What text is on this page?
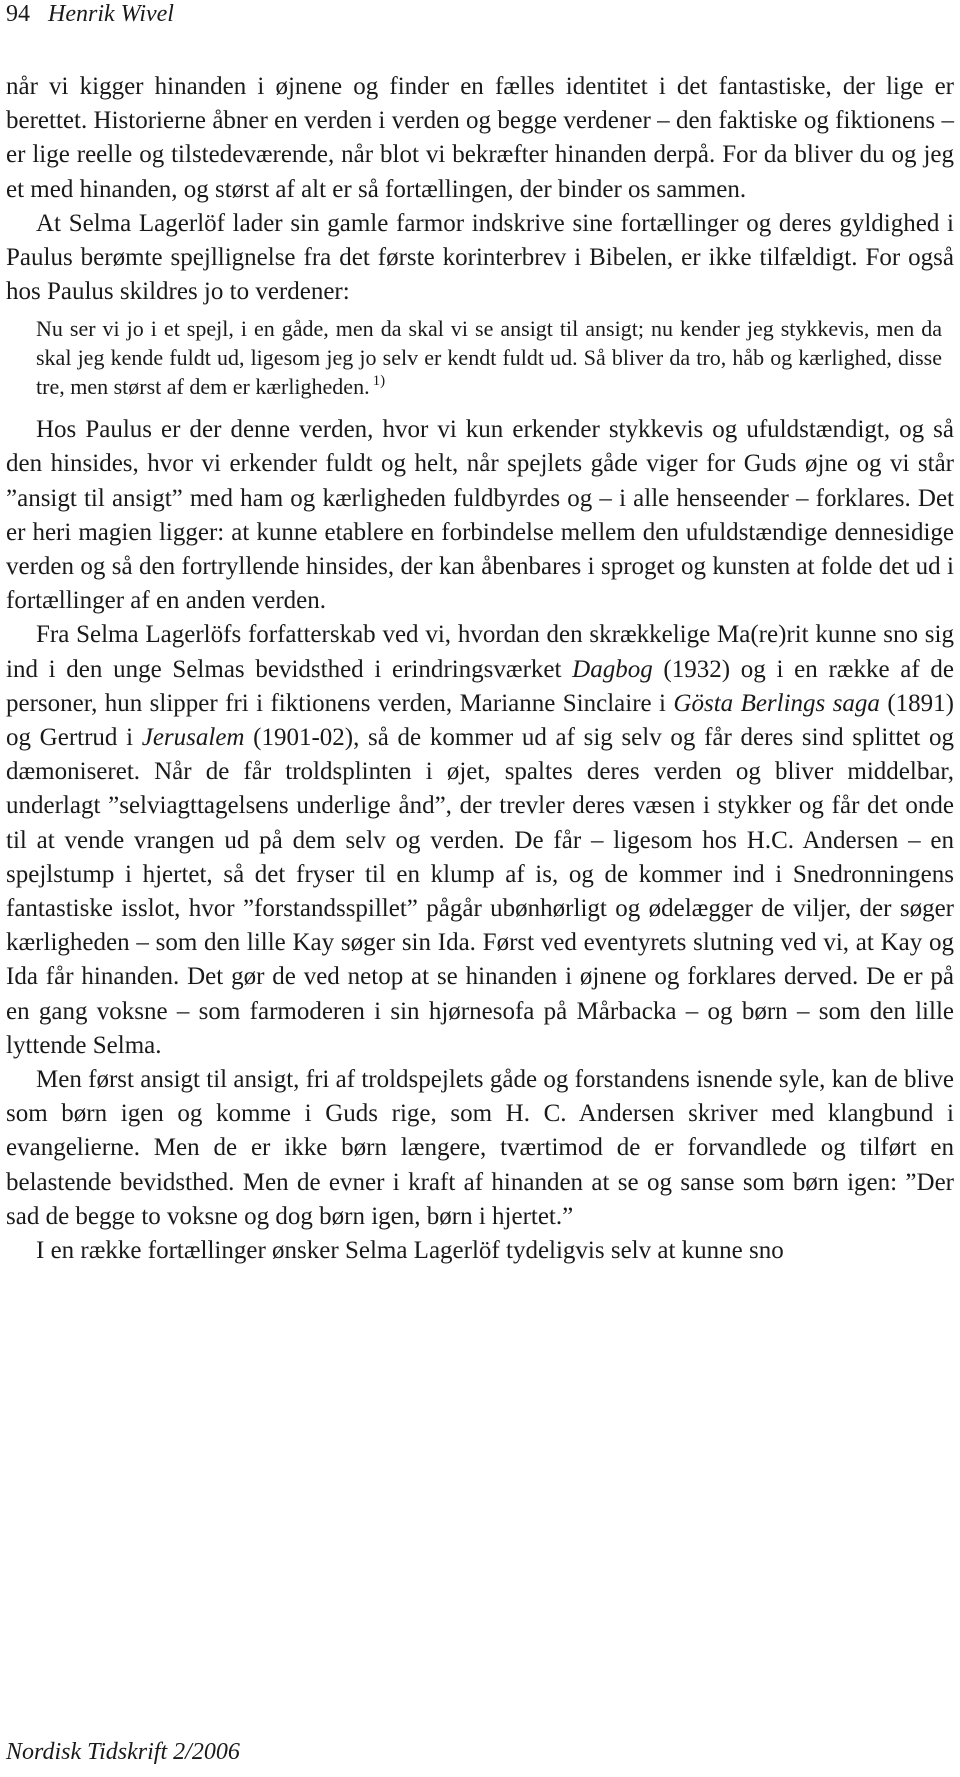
94 Henrik Wivel

når vi kigger hinanden i øjnene og finder en fælles identitet i det fantastiske, der lige er berettet. Historierne åbner en verden i verden og begge verdener – den faktiske og fiktionens – er lige reelle og tilstedeværende, når blot vi bekræfter hinanden derpå. For da bliver du og jeg et med hinanden, og størst af alt er så fortællingen, der binder os sammen.

At Selma Lagerlöf lader sin gamle farmor indskrive sine fortællinger og deres gyldighed i Paulus berømte spejllignelse fra det første korinterbrev i Bibelen, er ikke tilfældigt. For også hos Paulus skildres jo to verdener:

Nu ser vi jo i et spejl, i en gåde, men da skal vi se ansigt til ansigt; nu kender jeg stykkevis, men da skal jeg kende fuldt ud, ligesom jeg jo selv er kendt fuldt ud. Så bliver da tro, håb og kærlighed, disse tre, men størst af dem er kærligheden. $^{1)}$

Hos Paulus er der denne verden, hvor vi kun erkender stykkevis og ufuldstændigt, og så den hinsides, hvor vi erkender fuldt og helt, når spejlets gåde viger for Guds øjne og vi står ”ansigt til ansigt” med ham og kærligheden fuldbyrdes og – i alle henseender – forklares. Det er heri magien ligger: at kunne etablere en forbindelse mellem den ufuldstændige dennesidige verden og så den fortryllende hinsides, der kan åbenbares i sproget og kunsten at folde det ud i fortællinger af en anden verden.

Fra Selma Lagerlöfs forfatterskab ved vi, hvordan den skrækkelige Ma(re)rit kunne sno sig ind i den unge Selmas bevidsthed i erindringsværket Dagbog (1932) og i en række af de personer, hun slipper fri i fiktionens verden, Marianne Sinclaire i Gösta Berlings saga (1891) og Gertrud i Jerusalem (1901-02), så de kommer ud af sig selv og får deres sind splittet og dæmoniseret. Når de får troldsplinten i øjet, spaltes deres verden og bliver middelbar, underlagt ”selviagttagelsens underlige ånd”, der trevler deres væsen i stykker og får det onde til at vende vrangen ud på dem selv og verden. De får – ligesom hos H.C. Andersen – en spejlstump i hjertet, så det fryser til en klump af is, og de kommer ind i Snedronningens fantastiske isslot, hvor ”forstandsspillet” pågår ubønhørligt og ødelægger de viljer, der søger kærligheden – som den lille Kay søger sin Ida. Først ved eventyrets slutning ved vi, at Kay og Ida får hinanden. Det gør de ved netop at se hinanden i øjnene og forklares derved. De er på en gang voksne – som farmoderen i sin hjørnesofa på Mårbacka – og børn – som den lille lyttende Selma.

Men først ansigt til ansigt, fri af troldspejlets gåde og forstandens isnende syle, kan de blive som børn igen og komme i Guds rige, som H. C. Andersen skriver med klangbund i evangelierne. Men de er ikke børn længere, tværtimod de er forvandlede og tilført en belastende bevidsthed. Men de evner i kraft af hinanden at se og sanse som børn igen: ”Der sad de begge to voksne og dog børn igen, børn i hjertet.”

I en række fortællinger ønsker Selma Lagerlöf tydeligvis selv at kunne sno

Nordisk Tidskrift 2/2006
